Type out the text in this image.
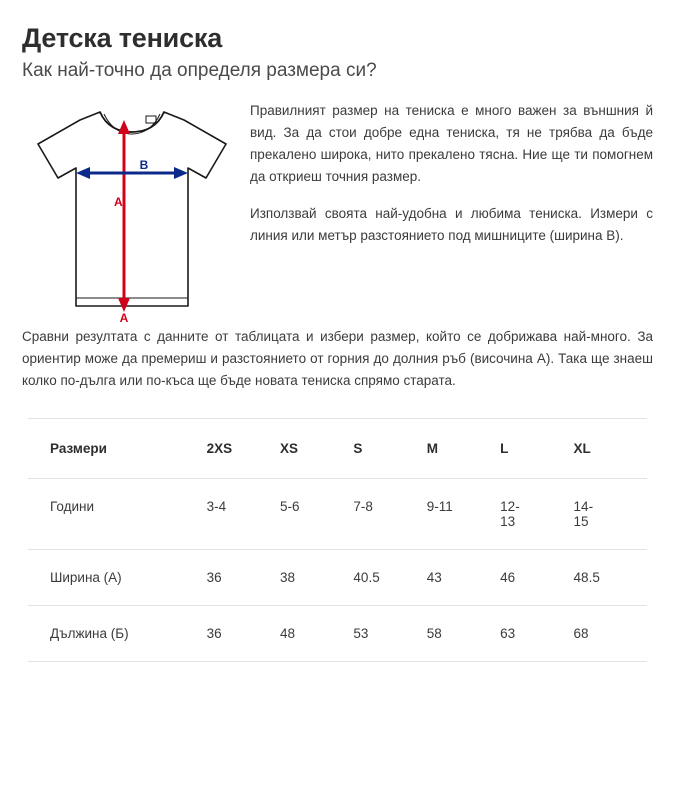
Детска тениска
Как най-точно да определя размера си?
A
B
A

Правилният размер на тениска е много важен за външния й вид. За да стои добре една тениска, тя не трябва да бъде прекалено широка, нито прекалено тясна. Ние ще ти помогнем да откриеш точния размер.

Използвай своята най-удобна и любима тениска. Измери с линия или метър разстоянието под мишниците (ширина B).

Сравни резултата с данните от таблицата и избери размер, който се добрижава най-много. За ориентир може да премериш и разстоянието от горния до долния ръб (височина A). Така ще знаеш колко по-дълга или по-къса ще бъде новата тениска спрямо старата.

Размери	2XS	XS	S	M	L	XL
Години	3-4	5-6	7-8	9-11	12-13	14-15

Ширина (А)	36	38	40.5	43	46	48.5

Дължина (Б)	36	48	53	58	63	68
